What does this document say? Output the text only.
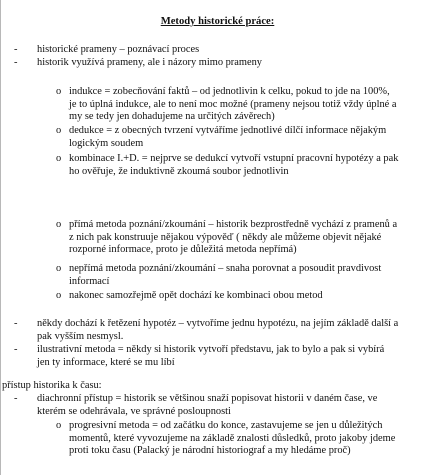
Metody historické práce:
- historické prameny – poznávací proces
- historik využívá prameny, ale i názory mimo prameny
o indukce = zobecňování faktů – od jednotlivin k celku, pokud to jde na 100%,
je to úplná indukce, ale to není moc možné (prameny nejsou totiž vždy úplné a
my se tedy jen dohadujeme na určitých závěrech)
o dedukce = z obecných tvrzení vytváříme jednotlivé dílčí informace nějakým
logickým soudem
o kombinace I.+D. = nejprve se dedukcí vytvoří vstupní pracovní hypotézy a pak
ho ověřuje, že induktivně zkoumá soubor jednotlivin
o přímá metoda poznání/zkoumání – historik bezprostředně vychází z pramenů a
z nich pak konstruuje nějakou výpověď ( někdy ale můžeme objevit nějaké
rozporné informace, proto je důležitá metoda nepřímá)
o nepřímá metoda poznání/zkoumání – snaha porovnat a posoudit pravdivost
informací
o nakonec samozřejmě opět dochází ke kombinaci obou metod
- někdy dochází k řetězení hypotéz – vytvoříme jednu hypotézu, na jejím základě další a
pak vyšším nesmysl.
- ilustrativní metoda = někdy si historik vytvoří představu, jak to bylo a pak si vybírá
jen ty informace, které se mu líbí
přístup historika k času:
- diachronní přístup = historik se většinou snaží popisovat historii v daném čase, ve
kterém se odehrávala, ve správné posloupnosti
o progresivní metoda = od začátku do konce, zastavujeme se jen u důležitých
momentů, které vyvozujeme na základě znalosti důsledků, proto jakoby jdeme
proti toku času (Palacký je národní historiograf a my hledáme proč)
